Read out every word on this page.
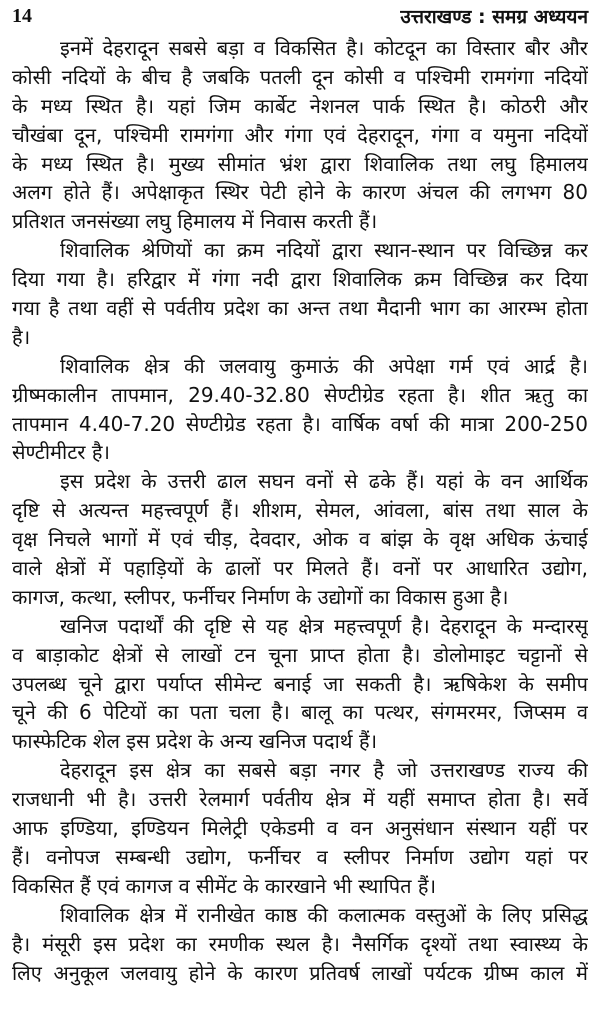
14	उत्तराखण्ड : समग्र अध्ययन
इनमें देहरादून सबसे बड़ा व विकसित है। कोटदून का विस्तार बौर और
कोसी नदियों के बीच है जबकि पतली दून कोसी व पश्चिमी रामगंगा नदियों
के मध्य स्थित है। यहां जिम कार्बेट नेशनल पार्क स्थित है। कोठरी और
चौखंबा दून, पश्चिमी रामगंगा और गंगा एवं देहरादून, गंगा व यमुना नदियों
के मध्य स्थित है। मुख्य सीमांत भ्रंश द्वारा शिवालिक तथा लघु हिमालय
अलग होते हैं। अपेक्षाकृत स्थिर पेटी होने के कारण अंचल की लगभग 80
प्रतिशत जनसंख्या लघु हिमालय में निवास करती हैं।
शिवालिक श्रेणियों का क्रम नदियों द्वारा स्थान-स्थान पर विच्छिन्न कर
दिया गया है। हरिद्वार में गंगा नदी द्वारा शिवालिक क्रम विच्छिन्न कर दिया
गया है तथा वहीं से पर्वतीय प्रदेश का अन्त तथा मैदानी भाग का आरम्भ होता
है।
शिवालिक क्षेत्र की जलवायु कुमाऊं की अपेक्षा गर्म एवं आर्द्र है।
ग्रीष्मकालीन तापमान, 29.40-32.80 सेण्टीग्रेड रहता है। शीत ऋतु का
तापमान 4.40-7.20 सेण्टीग्रेड रहता है। वार्षिक वर्षा की मात्रा 200-250
सेण्टीमीटर है।
इस प्रदेश के उत्तरी ढाल सघन वनों से ढके हैं। यहां के वन आर्थिक
दृष्टि से अत्यन्त महत्त्वपूर्ण हैं। शीशम, सेमल, आंवला, बांस तथा साल के
वृक्ष निचले भागों में एवं चीड़, देवदार, ओक व बांझ के वृक्ष अधिक ऊंचाई
वाले क्षेत्रों में पहाड़ियों के ढालों पर मिलते हैं। वनों पर आधारित उद्योग,
कागज, कत्था, स्लीपर, फर्नीचर निर्माण के उद्योगों का विकास हुआ है।
खनिज पदार्थों की दृष्टि से यह क्षेत्र महत्त्वपूर्ण है। देहरादून के मन्दारसू
व बाड़ाकोट क्षेत्रों से लाखों टन चूना प्राप्त होता है। डोलोमाइट चट्टानों से
उपलब्ध चूने द्वारा पर्याप्त सीमेन्ट बनाई जा सकती है। ऋषिकेश के समीप
चूने की 6 पेटियों का पता चला है। बालू का पत्थर, संगमरमर, जिप्सम व
फास्फेटिक शेल इस प्रदेश के अन्य खनिज पदार्थ हैं।
देहरादून इस क्षेत्र का सबसे बड़ा नगर है जो उत्तराखण्ड राज्य की
राजधानी भी है। उत्तरी रेलमार्ग पर्वतीय क्षेत्र में यहीं समाप्त होता है। सर्वे
आफ इण्डिया, इण्डियन मिलेट्री एकेडमी व वन अनुसंधान संस्थान यहीं पर
हैं। वनोपज सम्बन्धी उद्योग, फर्नीचर व स्लीपर निर्माण उद्योग यहां पर
विकसित हैं एवं कागज व सीमेंट के कारखाने भी स्थापित हैं।
शिवालिक क्षेत्र में रानीखेत काष्ठ की कलात्मक वस्तुओं के लिए प्रसिद्ध
है। मंसूरी इस प्रदेश का रमणीक स्थल है। नैसर्गिक दृश्यों तथा स्वास्थ्य के
लिए अनुकूल जलवायु होने के कारण प्रतिवर्ष लाखों पर्यटक ग्रीष्म काल में
